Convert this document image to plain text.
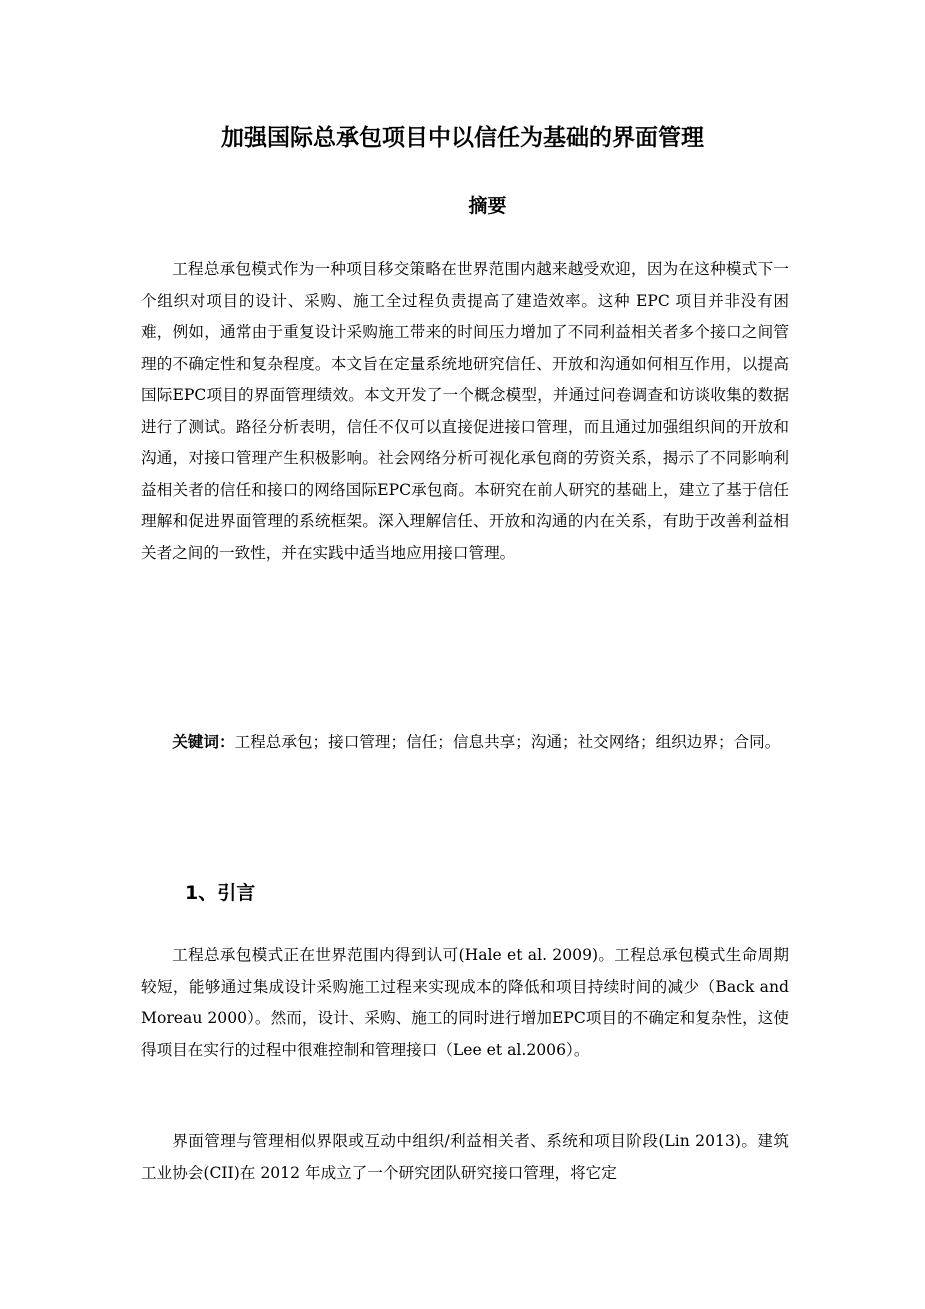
加强国际总承包项目中以信任为基础的界面管理
摘要

工程总承包模式作为一种项目移交策略在世界范围内越来越受欢迎，因为在这种模式下一个组织对项目的设计、采购、施工全过程负责提高了建造效率。这种 EPC 项目并非没有困难，例如，通常由于重复设计采购施工带来的时间压力增加了不同利益相关者多个接口之间管理的不确定性和复杂程度。本文旨在定量系统地研究信任、开放和沟通如何相互作用，以提高国际EPC项目的界面管理绩效。本文开发了一个概念模型，并通过问卷调查和访谈收集的数据进行了测试。路径分析表明，信任不仅可以直接促进接口管理，而且通过加强组织间的开放和沟通，对接口管理产生积极影响。社会网络分析可视化承包商的劳资关系，揭示了不同影响利益相关者的信任和接口的网络国际EPC承包商。本研究在前人研究的基础上，建立了基于信任理解和促进界面管理的系统框架。深入理解信任、开放和沟通的内在关系，有助于改善利益相关者之间的一致性，并在实践中适当地应用接口管理。

关键词：工程总承包；接口管理；信任；信息共享；沟通；社交网络；组织边界；合同。

1、引言

工程总承包模式正在世界范围内得到认可(Hale et al. 2009)。工程总承包模式生命周期较短，能够通过集成设计采购施工过程来实现成本的降低和项目持续时间的减少（Back and Moreau 2000）。然而，设计、采购、施工的同时进行增加EPC项目的不确定和复杂性，这使得项目在实行的过程中很难控制和管理接口（Lee et al.2006）。

界面管理与管理相似界限或互动中组织/利益相关者、系统和项目阶段(Lin 2013)。建筑工业协会(CII)在 2012 年成立了一个研究团队研究接口管理，将它定
